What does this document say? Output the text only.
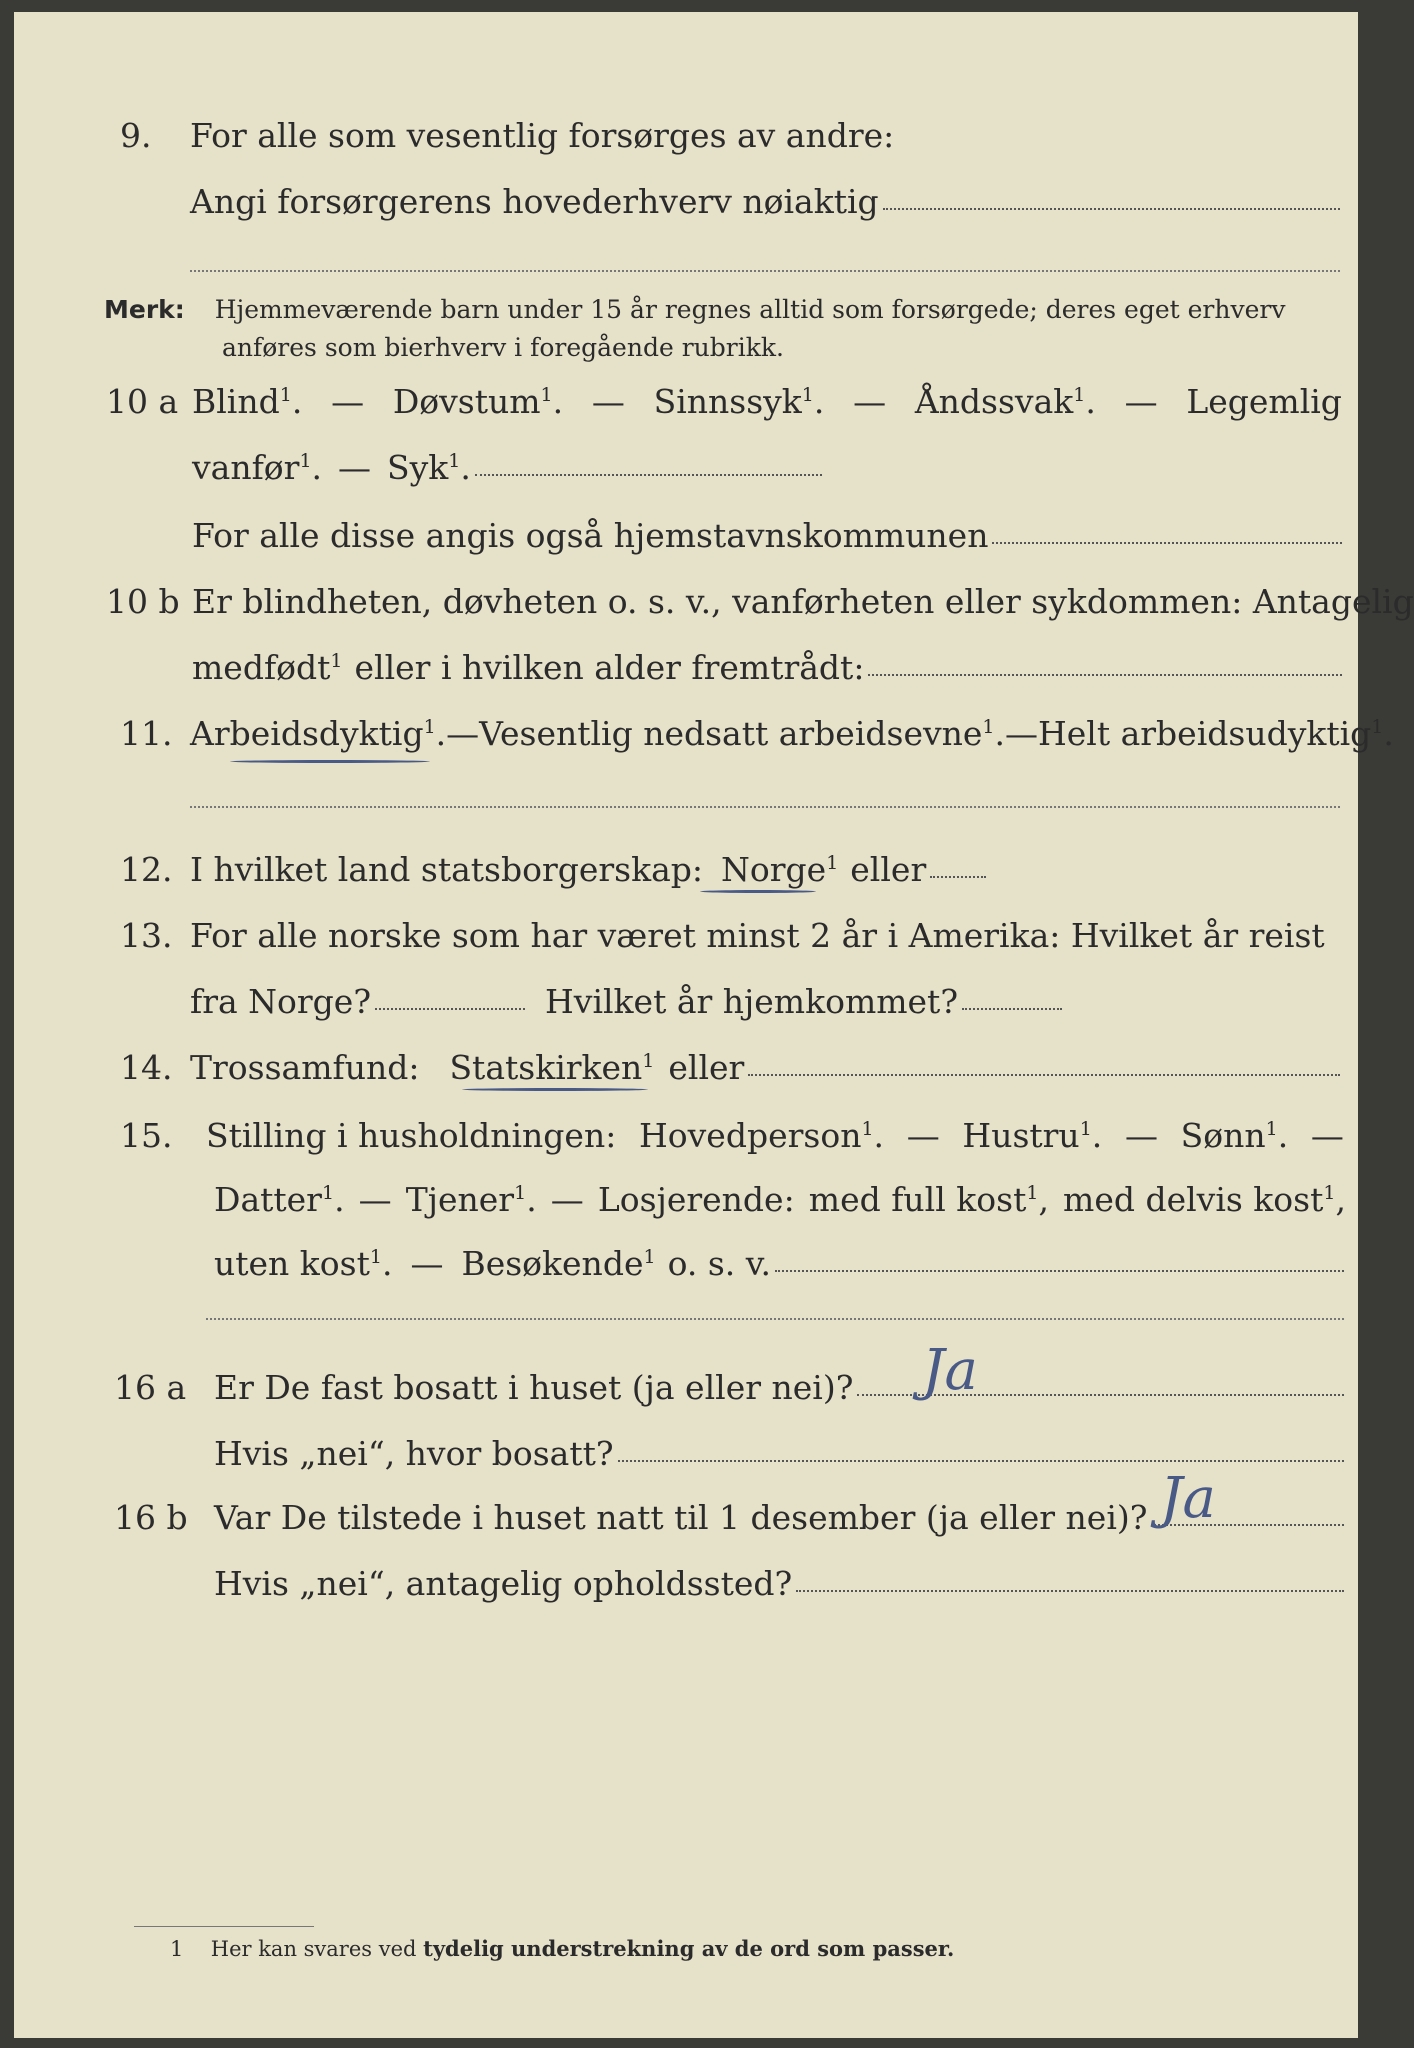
9. For alle som vesentlig forsørges av andre:
Angi forsørgerens hovederhverv nøiaktig
Merk: Hjemmeværende barn under 15 år regnes alltid som forsørgede; deres eget erhverv
anføres som bierhverv i foregående rubrikk.
10 a Blind$^1$. — Døvstum$^1$. — Sinnssyk$^1$. — Åndssvak$^1$. — Legemlig
vanfør$^1$. — Syk$^1$.
For alle disse angis også hjemstavnskommunen
10 b Er blindheten, døvheten o. s. v., vanførheten eller sykdommen: Antagelig
medfødt$^1$ eller i hvilken alder fremtrådt:
11. Arbeidsdyktig$^1$. — Vesentlig nedsatt arbeidsevne$^1$. — Helt arbeidsudyktig$^1$.
12. I hvilket land statsborgerskap: Norge$^1$ eller
13. For alle norske som har været minst 2 år i Amerika: Hvilket år reist
fra Norge?	Hvilket år hjemkommet?
14. Trossamfund: Statskirken$^1$ eller
15. Stilling i husholdningen: Hovedperson$^1$. — Hustru$^1$. — Sønn$^1$. —
Datter$^1$. — Tjener$^1$. — Losjerende: med full kost$^1$, med delvis kost$^1$,
uten kost$^1$. — Besøkende$^1$ o. s. v.
16 a Er De fast bosatt i huset (ja eller nei)? Ja
Hvis „nei“, hvor bosatt?
16 b Var De tilstede i huset natt til 1 desember (ja eller nei)? Ja
Hvis „nei“, antagelig opholdssted?
1 Her kan svares ved tydelig understrekning av de ord som passer.
